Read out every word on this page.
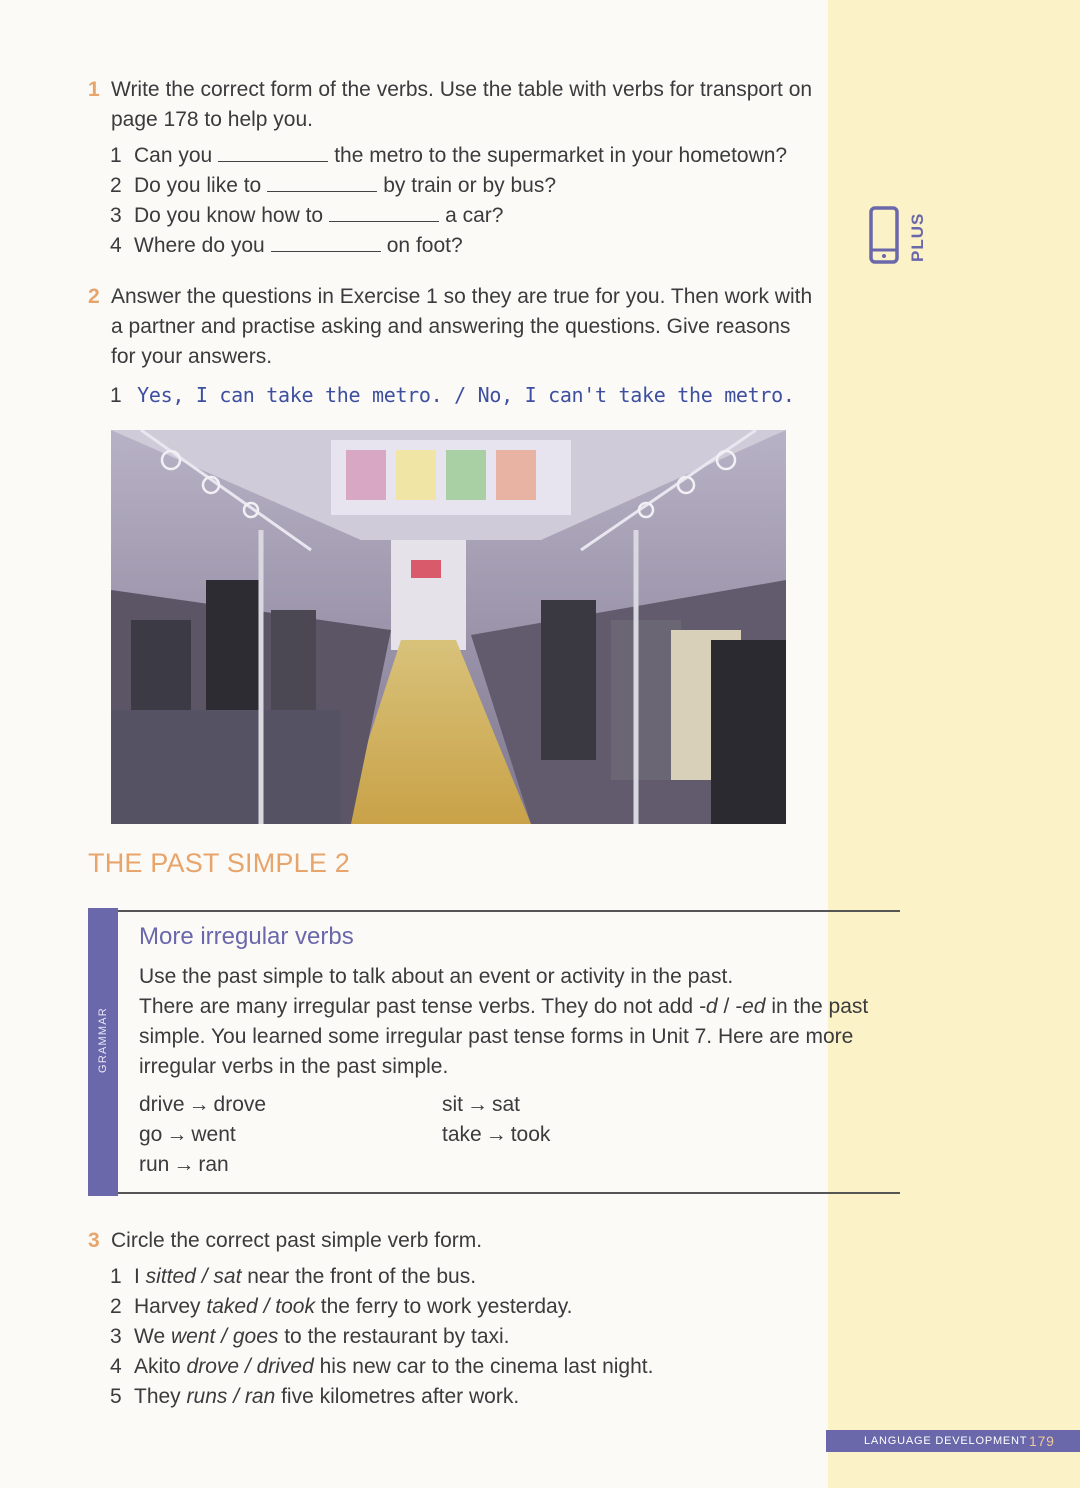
PLUS
1 Write the correct form of the verbs. Use the table with verbs for transport on page 178 to help you.
1 Can you	the metro to the supermarket in your hometown?
2 Do you like to	by train or by bus?
3 Do you know how to	a car?
4 Where do you	on foot?
2 Answer the questions in Exercise 1 so they are true for you. Then work with a partner and practise asking and answering the questions. Give reasons for your answers.
1 Yes, I can take the metro. / No, I can't take the metro.
THE PAST SIMPLE 2
GRAMMAR
More irregular verbs

Use the past simple to talk about an event or activity in the past.

There are many irregular past tense verbs. They do not add -d / -ed in the past simple. You learned some irregular past tense forms in Unit 7. Here are more irregular verbs in the past simple.

drive → drove	sit → sat
go → went	take → took
run → ran
3 Circle the correct past simple verb form.
1 I sitted / sat near the front of the bus.
2 Harvey taked / took the ferry to work yesterday.
3 We went / goes to the restaurant by taxi.
4 Akito drove / drived his new car to the cinema last night.
5 They runs / ran five kilometres after work.
LANGUAGE DEVELOPMENT 179
